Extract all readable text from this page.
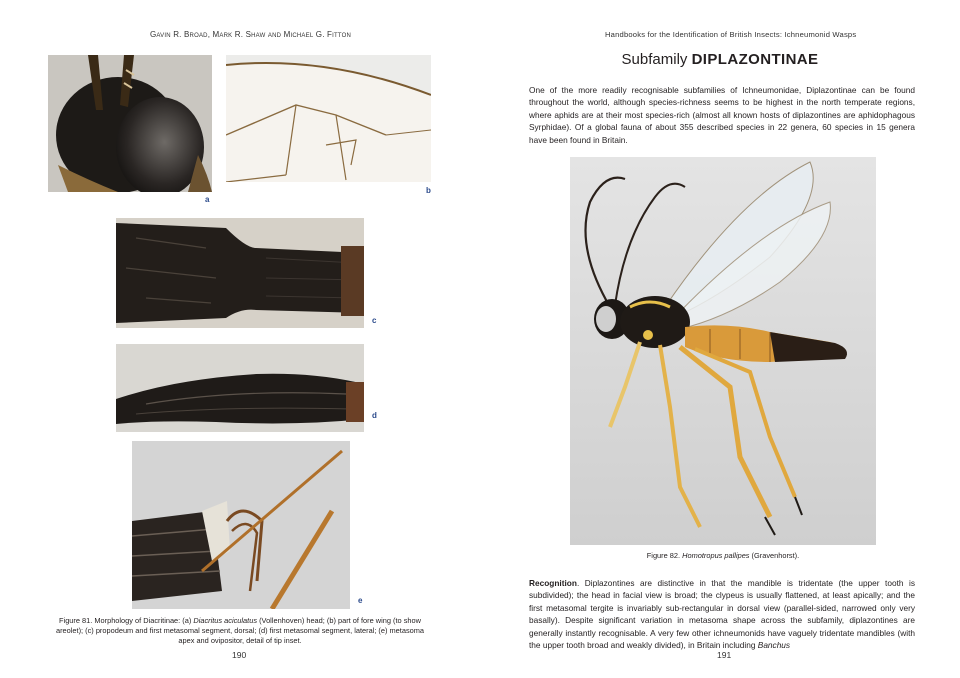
Gavin R. Broad, Mark R. Shaw and Michael G. Fitton
a
b
c
d
e
Figure 81. Morphology of Diacritinae: (a) Diacritus aciculatus (Vollenhoven) head; (b) part of fore wing (to show areolet); (c) propodeum and first metasomal segment, dorsal; (d) first metasomal segment, lateral; (e) metasoma apex and ovipositor, detail of tip inset.
190
Handbooks for the Identification of British Insects: Ichneumonid Wasps
Subfamily DIPLAZONTINAE
One of the more readily recognisable subfamilies of Ichneumonidae, Diplazontinae can be found throughout the world, although species-richness seems to be highest in the north temperate regions, where aphids are at their most species-rich (almost all known hosts of diplazontines are aphidophagous Syrphidae). Of a global fauna of about 355 described species in 22 genera, 60 species in 15 genera have been found in Britain.
Figure 82. Homotropus pallipes (Gravenhorst).
Recognition. Diplazontines are distinctive in that the mandible is tridentate (the upper tooth is subdivided); the head in facial view is broad; the clypeus is usually flattened, at least apically; and the first metasomal tergite is invariably sub-rectangular in dorsal view (parallel-sided, narrowed only very basally). Despite significant variation in metasoma shape across the subfamily, diplazontines are generally instantly recognisable. A very few other ichneumonids have vaguely tridentate mandibles (with the upper tooth broad and weakly divided), in Britain including Banchus
191
